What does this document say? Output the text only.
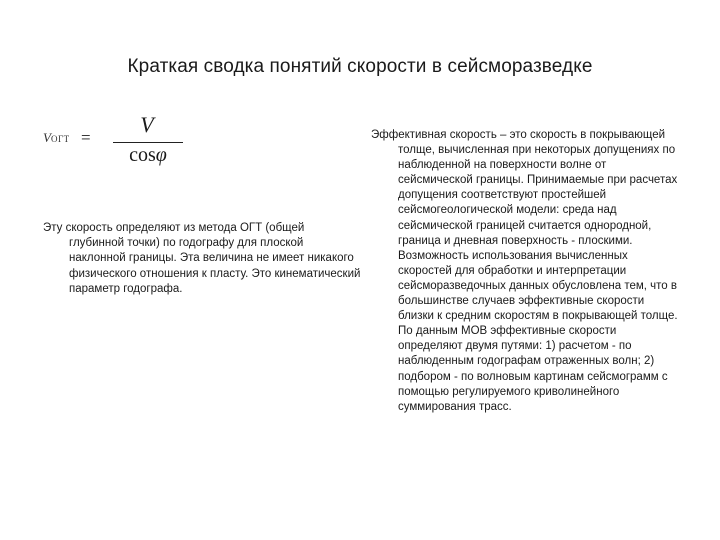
Краткая сводка понятий скорости в сейсморазведке
VОГТ =
V
cosφ
Эту скорость определяют из метода ОГТ (общей глубинной точки) по годографу для плоской наклонной границы. Эта величина не имеет никакого физического отношения к пласту. Это кинематический параметр годографа.
Эффективная скорость – это скорость в покрывающей толще, вычисленная при некоторых допущениях по наблюденной на поверхности волне от сейсмической границы. Принимаемые при расчетах допущения соответствуют простейшей сейсмогеологической модели: среда над сейсмической границей считается однородной, граница и дневная поверхность - плоскими. Возможность использования вычисленных скоростей для обработки и интерпретации сейсморазведочных данных обусловлена тем, что в большинстве случаев эффективные скорости близки к средним скоростям в покрывающей толще. По данным МОВ эффективные скорости определяют двумя путями: 1) расчетом - по наблюденным годографам отраженных волн; 2) подбором - по волновым картинам сейсмограмм с помощью регулируемого криволинейного суммирования трасс.
